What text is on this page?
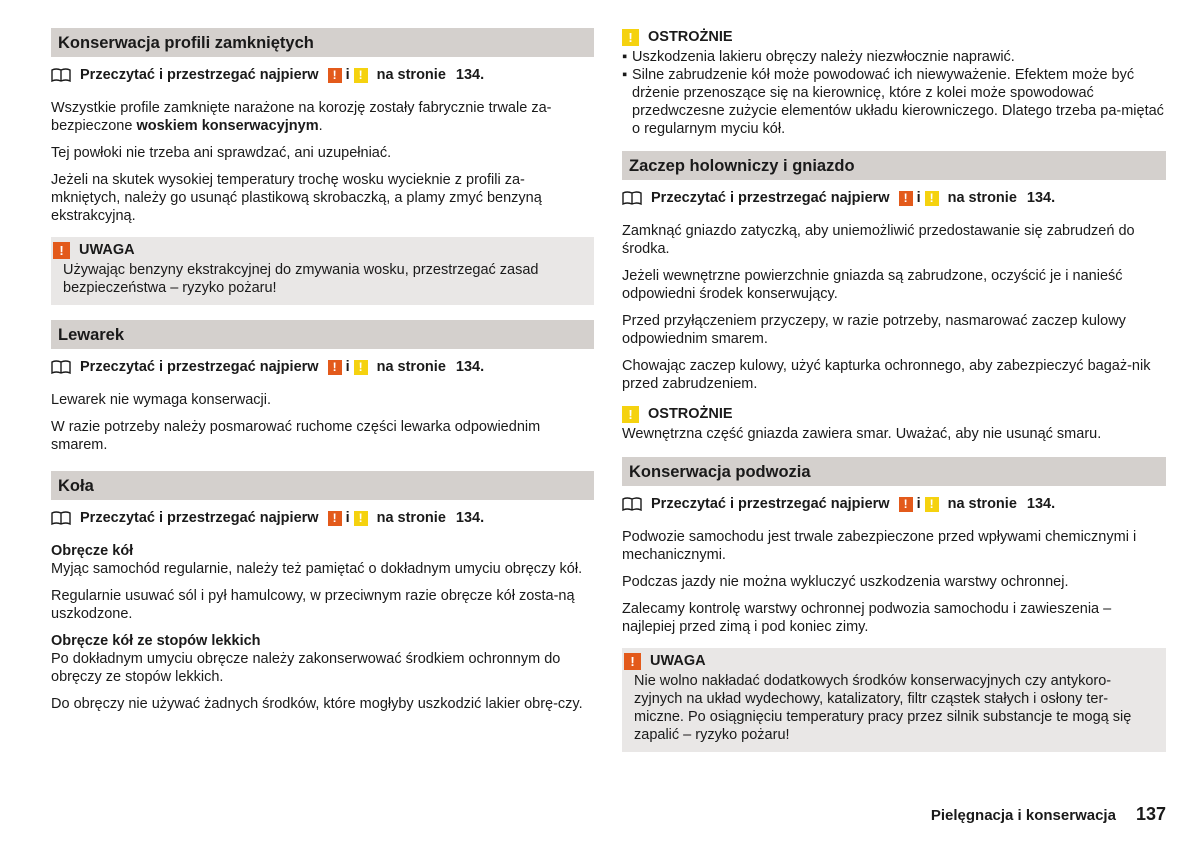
Konserwacja profili zamkniętych
Przeczytać i przestrzegać najpierw	! i ! na stronie 134.

Wszystkie profile zamknięte narażone na korozję zostały fabrycznie trwale za-
bezpieczone woskiem konserwacyjnym.

Tej powłoki nie trzeba ani sprawdzać, ani uzupełniać.

Jeżeli na skutek wysokiej temperatury trochę wosku wycieknie z profili za-mkniętych, należy go usunąć plastikową skrobaczką, a plamy zmyć benzyną ekstrakcyjną.

!	UWAGA
Używając benzyny ekstrakcyjnej do zmywania wosku, przestrzegać zasad bezpieczeństwa – ryzyko pożaru!
Lewarek
Przeczytać i przestrzegać najpierw	! i ! na stronie 134.

Lewarek nie wymaga konserwacji.

W razie potrzeby należy posmarować ruchome części lewarka odpowiednim smarem.

Koła
Przeczytać i przestrzegać najpierw	! i ! na stronie 134.
Obręcze kół

Myjąc samochód regularnie, należy też pamiętać o dokładnym umyciu obręczy kół.

Regularnie usuwać sól i pył hamulcowy, w przeciwnym razie obręcze kół zosta-ną uszkodzone.

Obręcze kół ze stopów lekkich

Po dokładnym umyciu obręcze należy zakonserwować środkiem ochronnym do obręczy ze stopów lekkich.

Do obręczy nie używać żadnych środków, które mogłyby uszkodzić lakier obrę-czy.

!	OSTROŻNIE
▪ Uszkodzenia lakieru obręczy należy niezwłocznie naprawić.
▪ Silne zabrudzenie kół może powodować ich niewyważenie. Efektem może być drżenie przenoszące się na kierownicę, które z kolei może spowodować przedwczesne zużycie elementów układu kierowniczego. Dlatego trzeba pa-miętać o regularnym myciu kół.
Zaczep holowniczy i gniazdo
Przeczytać i przestrzegać najpierw	! i ! na stronie 134.

Zamknąć gniazdo zatyczką, aby uniemożliwić przedostawanie się zabrudzeń do środka.

Jeżeli wewnętrzne powierzchnie gniazda są zabrudzone, oczyścić je i nanieść odpowiedni środek konserwujący.

Przed przyłączeniem przyczepy, w razie potrzeby, nasmarować zaczep kulowy odpowiednim smarem.

Chowając zaczep kulowy, użyć kapturka ochronnego, aby zabezpieczyć bagaż-nik przed zabrudzeniem.

!	OSTROŻNIE
Wewnętrzna część gniazda zawiera smar. Uważać, aby nie usunąć smaru.
Konserwacja podwozia
Przeczytać i przestrzegać najpierw	! i ! na stronie 134.

Podwozie samochodu jest trwale zabezpieczone przed wpływami chemicznymi i mechanicznymi.

Podczas jazdy nie można wykluczyć uszkodzenia warstwy ochronnej.

Zalecamy kontrolę warstwy ochronnej podwozia samochodu i zawieszenia – najlepiej przed zimą i pod koniec zimy.

!	UWAGA
Nie wolno nakładać dodatkowych środków konserwacyjnych czy antykoro-zyjnych na układ wydechowy, katalizatory, filtr cząstek stałych i osłony ter-miczne. Po osiągnięciu temperatury pracy przez silnik substancje te mogą się zapalić – ryzyko pożaru!
Pielęgnacja i konserwacja 137
